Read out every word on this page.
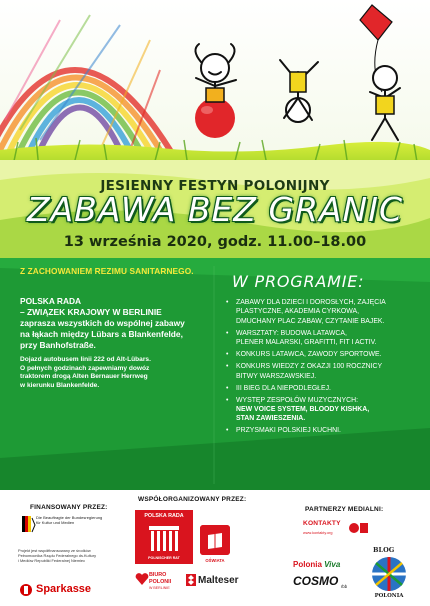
JESIENNY FESTYN POLONIJNY
ZABAWA BEZ GRANIC
13 września 2020, godz. 11.00–18.00
Z ZACHOWANIEM REZIMU SANITARNEGO.

POLSKA RADA

– ZWIĄZEK KRAJOWY W BERLINIE

zaprasza wszystkich do wspólnej zabawy

na łąkach między Lübars a Blankenfelde,

przy Banhofstraße.

Dojazd autobusem linii 222 od Alt-Lübars.

O pełnych godzinach zapewniamy dowóz

traktorem drogą Alten Bernauer Herrweg

w kierunku Blankenfelde.

W PROGRAMIE:
• ZABAWY DLA DZIECI I DOROSŁYCH, ZAJĘCIA
PLASTYCZNE, AKADEMIA CYRKOWA,
DMUCHANY PLAC ZABAW, CZYTANIE BAJEK.
• WARSZTATY: BUDOWA LATAWCA,
PLENER MALARSKI, GRAFITTI, FIT I ACTIV.
• KONKURS LATAWCA, ZAWODY SPORTOWE.
• KONKURS WIEDZY Z OKAZJI 100 ROCZNICY
BITWY WARSZAWSKIEJ.
• III BIEG DLA NIEPODLEGŁEJ.
• WYSTĘP ZESPOŁÓW MUZYCZNYCH:
NEW VOICE SYSTEM, BLOODY KISHKA,
STAN ZAWIESZENIA.
• PRZYSMAKI POLSKIEJ KUCHNI.
FINANSOWANY PRZEZ:
WSPÓŁORGANIZOWANY PRZEZ:
PARTNERZY MEDIALNI:
Die Beauftragte der Bundesregierung
für Kultur und Medien
Projekt jest współfinansowany ze środków
Pełnomocnika Rządu Federalnego ds.Kultury
i Mediów Republiki Federalnej Niemiec
Sparkasse
POLSKA RADA
POLNISCHER RAT	OŚWIATA
BIURO
POLONII
W BERLINIE
Malteser
KONTAKTY
www.kontakty.org
Polonia Viva
COSMO rbb
BLOG
POLONIA
